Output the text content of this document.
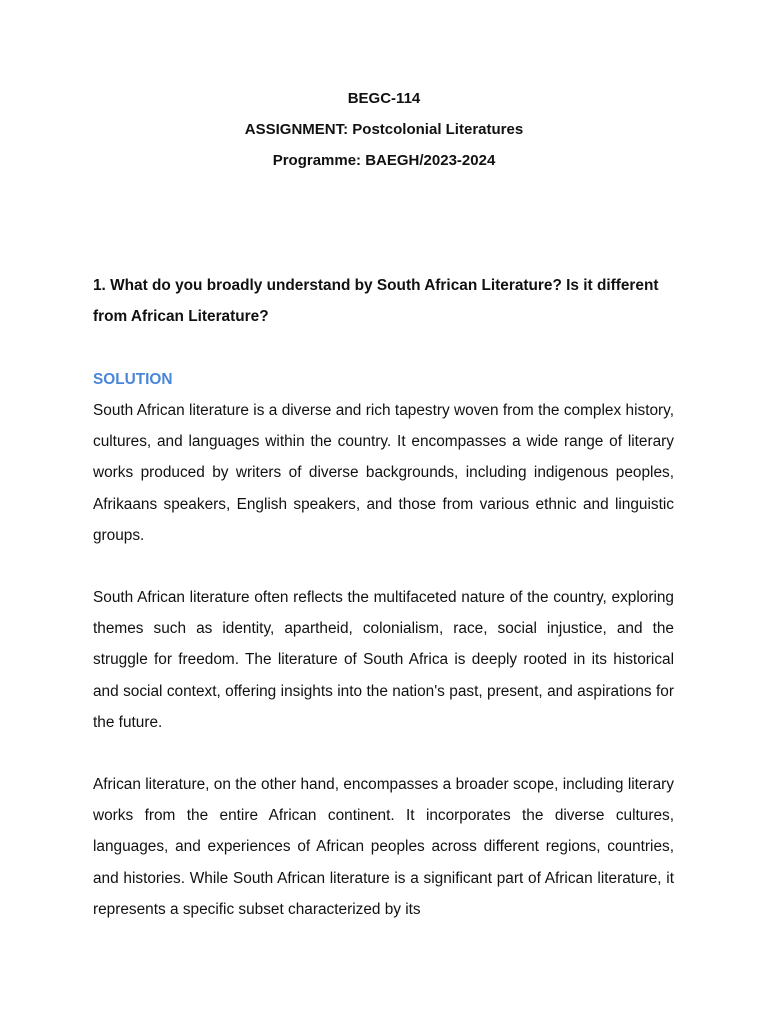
BEGC-114
ASSIGNMENT: Postcolonial Literatures
Programme: BAEGH/2023-2024

1. What do you broadly understand by South African Literature? Is it different from African Literature?

SOLUTION

South African literature is a diverse and rich tapestry woven from the complex history, cultures, and languages within the country. It encompasses a wide range of literary works produced by writers of diverse backgrounds, including indigenous peoples, Afrikaans speakers, English speakers, and those from various ethnic and linguistic groups.

South African literature often reflects the multifaceted nature of the country, exploring themes such as identity, apartheid, colonialism, race, social injustice, and the struggle for freedom. The literature of South Africa is deeply rooted in its historical and social context, offering insights into the nation's past, present, and aspirations for the future.

African literature, on the other hand, encompasses a broader scope, including literary works from the entire African continent. It incorporates the diverse cultures, languages, and experiences of African peoples across different regions, countries, and histories. While South African literature is a significant part of African literature, it represents a specific subset characterized by its
